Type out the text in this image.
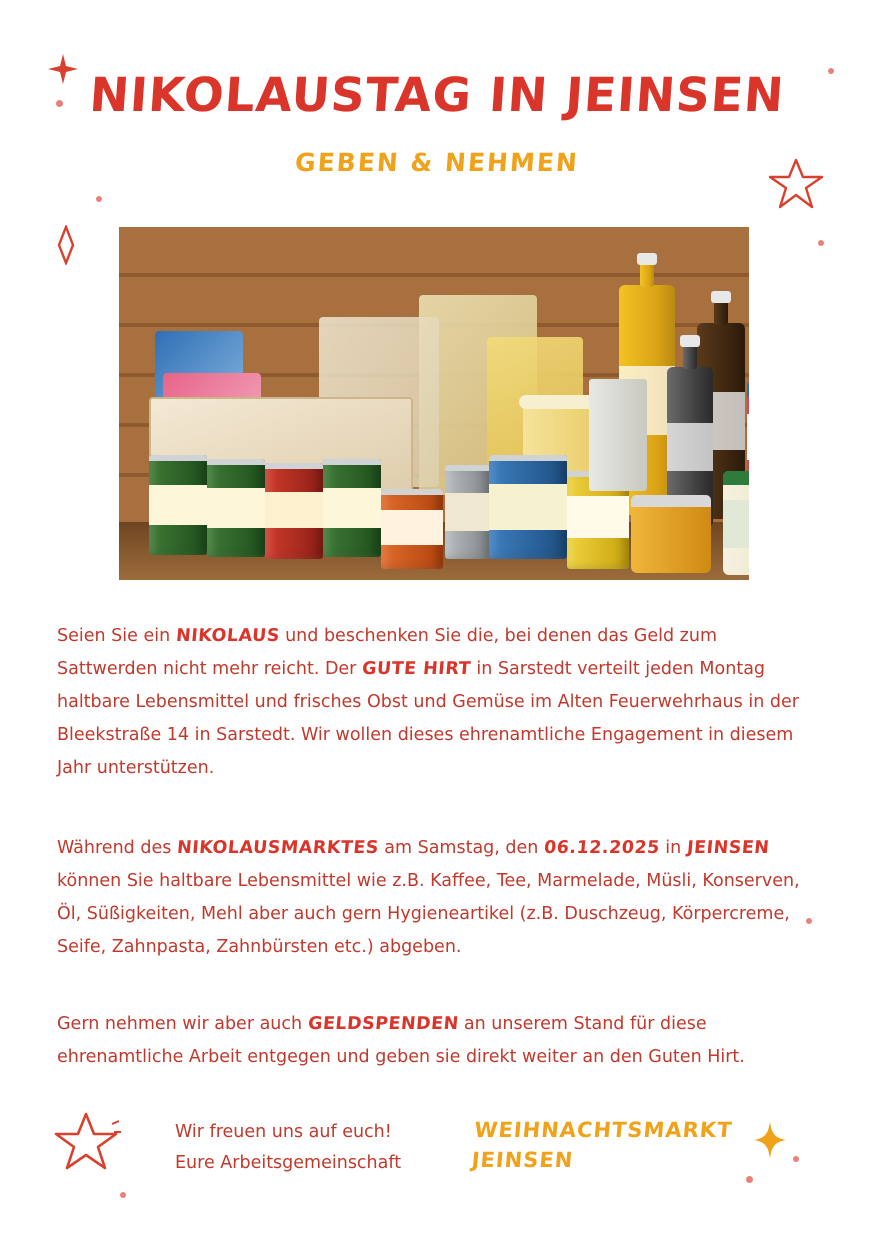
NIKOLAUSTAG IN JEINSEN
GEBEN & NEHMEN
Seien Sie ein NIKOLAUS und beschenken Sie die, bei denen das Geld zum Sattwerden nicht mehr reicht. Der GUTE HIRT in Sarstedt verteilt jeden Montag haltbare Lebensmittel und frisches Obst und Gemüse im Alten Feuerwehrhaus in der Bleekstraße 14 in Sarstedt. Wir wollen dieses ehrenamtliche Engagement in diesem Jahr unterstützen.
Während des NIKOLAUSMARKTES am Samstag, den 06.12.2025 in JEINSEN können Sie haltbare Lebensmittel wie z.B. Kaffee, Tee, Marmelade, Müsli, Konserven, Öl, Süßigkeiten, Mehl aber auch gern Hygieneartikel (z.B. Duschzeug, Körpercreme, Seife, Zahnpasta, Zahnbürsten etc.) abgeben.
Gern nehmen wir aber auch GELDSPENDEN an unserem Stand für diese ehrenamtliche Arbeit entgegen und geben sie direkt weiter an den Guten Hirt.
Wir freuen uns auf euch!
Eure Arbeitsgemeinschaft
WEIHNACHTSMARKT
JEINSEN
